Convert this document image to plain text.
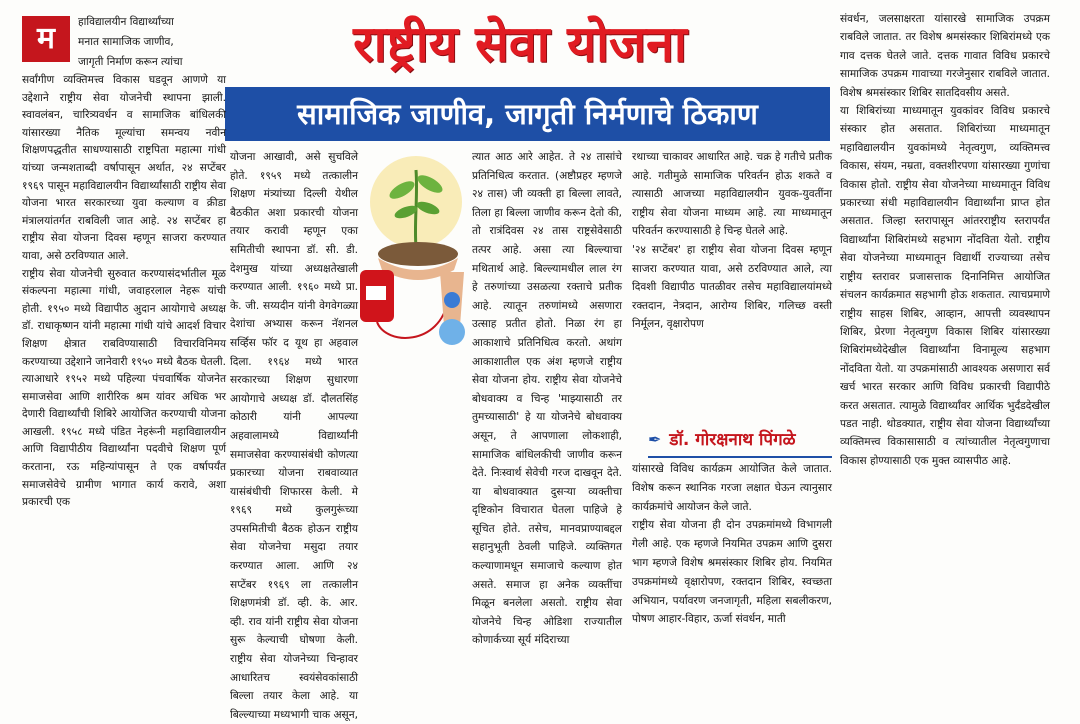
राष्ट्रीय सेवा योजना
सामाजिक जाणीव, जागृती निर्मणाचे ठिकाण
म	हाविद्यालयीन विद्यार्थ्यांच्या
मनात सामाजिक जाणीव,
जागृती निर्माण करून त्यांचा
सर्वांगीण व्यक्तिमत्त्व विकास घडवून आणणे या उद्देशाने राष्ट्रीय सेवा योजनेची स्थापना झाली. स्वावलंबन, चारित्र्यवर्धन व सामाजिक बांधिलकी यांसारख्या नैतिक मूल्यांचा समन्वय नवीन शिक्षणपद्धतीत साधण्यासाठी राष्ट्रपिता महात्मा गांधी यांच्या जन्मशताब्दी वर्षापासून अर्थात, २४ सप्टेंबर १९६९ पासून महाविद्यालयीन विद्यार्थ्यांसाठी राष्ट्रीय सेवा योजना भारत सरकारच्या युवा कल्याण व क्रीडा मंत्रालयांतर्गत राबविली जात आहे. २४ सप्टेंबर हा राष्ट्रीय सेवा योजना दिवस म्हणून साजरा करण्यात यावा, असे ठरविण्यात आले.
राष्ट्रीय सेवा योजनेची सुरुवात करण्यासंदर्भातील मूळ संकल्पना महात्मा गांधी, जवाहरलाल नेहरू यांची होती. १९५० मध्ये विद्यापीठ अुदान आयोगाचे अध्यक्ष डॉ. राधाकृष्णन यांनी महात्मा गांधी यांचे आदर्श विचार शिक्षण क्षेत्रात राबविण्यासाठी विचारविनिमय करण्याच्या उद्देशाने जानेवारी १९५० मध्ये बैठक घेतली. त्याआधारे १९५२ मध्ये पहिल्या पंचवार्षिक योजनेत समाजसेवा आणि शारीरिक श्रम यांवर अधिक भर देणारी विद्यार्थ्यांची शिबिरे आयोजित करण्याची योजना आखली. १९५८ मध्ये पंडित नेहरूंनी महाविद्यालयीन आणि विद्यापीठीय विद्यार्थ्यांना पदवीचे शिक्षण पूर्ण करताना, रऊ महिन्यांपासून ते एक वर्षापर्यंत समाजसेवेचे ग्रामीण भागात कार्य करावे, अशा प्रकारची एक
योजना आखावी, असे सुचविले होते. १९५९ मध्ये तत्कालीन शिक्षण मंत्र्यांच्या दिल्ली येथील बैठकीत अशा प्रकारची योजना तयार करावी म्हणून एका समितीची स्थापना डॉ. सी. डी. देशमुख यांच्या अध्यक्षतेखाली करण्यात आली. १९६० मध्ये प्रा. के. जी. सय्यदीन यांनी वेगवेगळ्या देशांचा अभ्यास करून नॅशनल सर्व्हिस फॉर द यूथ हा अहवाल दिला. १९६४ मध्ये भारत सरकारच्या शिक्षण सुधारणा आयोगाचे अध्यक्ष डॉ. दौलतसिंह कोठारी यांनी आपल्या अहवालामध्ये विद्यार्थ्यांनी समाजसेवा करण्यासंबंधी कोणत्या प्रकारच्या योजना राबवाव्यात यासंबंधीची शिफारस केली. मे १९६९ मध्ये कुलगुरूंच्या उपसमितीची बैठक होऊन राष्ट्रीय सेवा योजनेचा मसुदा तयार करण्यात आला. आणि २४ सप्टेंबर १९६९ ला तत्कालीन शिक्षणमंत्री डॉ. व्ही. के. आर. व्ही. राव यांनी राष्ट्रीय सेवा योजना सुरू केल्याची घोषणा केली. राष्ट्रीय सेवा योजनेच्या चिन्हावर आधारितच स्वयंसेवकांसाठी बिल्ला तयार केला आहे. या बिल्ल्याच्या मध्यभागी चाक असून,
त्यात आठ आरे आहेत. ते २४ तासांचे प्रतिनिधित्व करतात. (अष्टौप्रहर म्हणजे २४ तास) जी व्यक्ती हा बिल्ला लावते, तिला हा बिल्ला जाणीव करून देतो की, तो रात्रंदिवस २४ तास राष्ट्रसेवेसाठी तत्पर आहे. असा त्या बिल्ल्याचा मथितार्थ आहे. बिल्ल्यामधील लाल रंग हे तरुणांच्या उसळत्या रक्ताचे प्रतीक आहे. त्यातून तरुणांमध्ये असणारा उत्साह प्रतीत होतो. निळा रंग हा आकाशाचे प्रतिनिधित्व करतो. अथांग आकाशातील एक अंश म्हणजे राष्ट्रीय सेवा योजना होय. राष्ट्रीय सेवा योजनेचे बोधवाक्य व चिन्ह 'माझ्यासाठी तर तुमच्यासाठी' हे या योजनेचे बोधवाक्य असून, ते आपणाला लोकशाही, सामाजिक बांधिलकीची जाणीव करून देते. निःस्वार्थ सेवेची गरज दाखवून देते. या बोधवाक्यात दुसऱ्या व्यक्तीचा दृष्टिकोन विचारात घेतला पाहिजे हे सूचित होते. तसेच, मानवप्राण्याबद्दल सहानुभूती ठेवली पाहिजे. व्यक्तिगत कल्याणामधून समाजाचे कल्याण होत असते. समाज हा अनेक व्यक्तींचा मिळून बनलेला असतो. राष्ट्रीय सेवा योजनेचे चिन्ह ओडिशा राज्यातील कोणार्कच्या सूर्य मंदिराच्या
रथाच्या चाकावर आधारित आहे. चक्र हे गतीचे प्रतीक आहे. गतीमुळे सामाजिक परिवर्तन होऊ शकते व त्यासाठी आजच्या महाविद्यालयीन युवक-युवतींना राष्ट्रीय सेवा योजना माध्यम आहे. त्या माध्यमातून परिवर्तन करण्यासाठी हे चिन्ह घेतले आहे.
'२४ सप्टेंबर' हा राष्ट्रीय सेवा योजना दिवस म्हणून साजरा करण्यात यावा, असे ठरविण्यात आले, त्या दिवशी विद्यापीठ पातळीवर तसेच महाविद्यालयांमध्ये रक्तदान, नेत्रदान, आरोग्य शिबिर, गलिच्छ वस्ती निर्मूलन, वृक्षारोपण
✒ डॉ. गोरक्षनाथ पिंगळे
यांसारखे विविध कार्यक्रम आयोजित केले जातात. विशेष करून स्थानिक गरजा लक्षात घेऊन त्यानुसार कार्यक्रमांचे आयोजन केले जाते.
राष्ट्रीय सेवा योजना ही दोन उपक्रमांमध्ये विभागली गेली आहे. एक म्हणजे नियमित उपक्रम आणि दुसरा भाग म्हणजे विशेष श्रमसंस्कार शिबिर होय. नियमित उपक्रमांमध्ये वृक्षारोपण, रक्तदान शिबिर, स्वच्छता अभियान, पर्यावरण जनजागृती, महिला सबलीकरण, पोषण आहार-विहार, ऊर्जा संवर्धन, माती
संवर्धन, जलसाक्षरता यांसारखे सामाजिक उपक्रम राबविले जातात. तर विशेष श्रमसंस्कार शिबिरांमध्ये एक गाव दत्तक घेतले जाते. दत्तक गावात विविध प्रकारचे सामाजिक उपक्रम गावाच्या गरजेनुसार राबविले जातात. विशेष श्रमसंस्कार शिबिर सातदिवसीय असते.
या शिबिरांच्या माध्यमातून युवकांवर विविध प्रकारचे संस्कार होत असतात. शिबिरांच्या माध्यमातून महाविद्यालयीन युवकांमध्ये नेतृत्वगुण, व्यक्तिमत्त्व विकास, संयम, नम्रता, वक्तशीरपणा यांसारख्या गुणांचा विकास होतो. राष्ट्रीय सेवा योजनेच्या माध्यमातून विविध प्रकारच्या संधी महाविद्यालयीन विद्यार्थ्यांना प्राप्त होत असतात. जिल्हा स्तरापासून आंतरराष्ट्रीय स्तरापर्यंत विद्यार्थ्यांना शिबिरांमध्ये सहभाग नोंदविता येतो. राष्ट्रीय सेवा योजनेच्या माध्यमातून विद्यार्थी राज्याच्या तसेच राष्ट्रीय स्तरावर प्रजासत्ताक दिनानिमित्त आयोजित संचलन कार्यक्रमात सहभागी होऊ शकतात. त्याचप्रमाणे राष्ट्रीय साहस शिबिर, आव्हान, आपत्ती व्यवस्थापन शिबिर, प्रेरणा नेतृत्वगुण विकास शिबिर यांसारख्या शिबिरांमध्येदेखील विद्यार्थ्यांना विनामूल्य सहभाग नोंदविता येतो. या उपक्रमांसाठी आवश्यक असणारा सर्व खर्च भारत सरकार आणि विविध प्रकारची विद्यापीठे करत असतात. त्यामुळे विद्यार्थ्यांवर आर्थिक भुर्दंडदेखील पडत नाही. थोडक्यात, राष्ट्रीय सेवा योजना विद्यार्थ्यांच्या व्यक्तिमत्त्व विकासासाठी व त्यांच्यातील नेतृत्वगुणाचा विकास होण्यासाठी एक मुक्त व्यासपीठ आहे.
